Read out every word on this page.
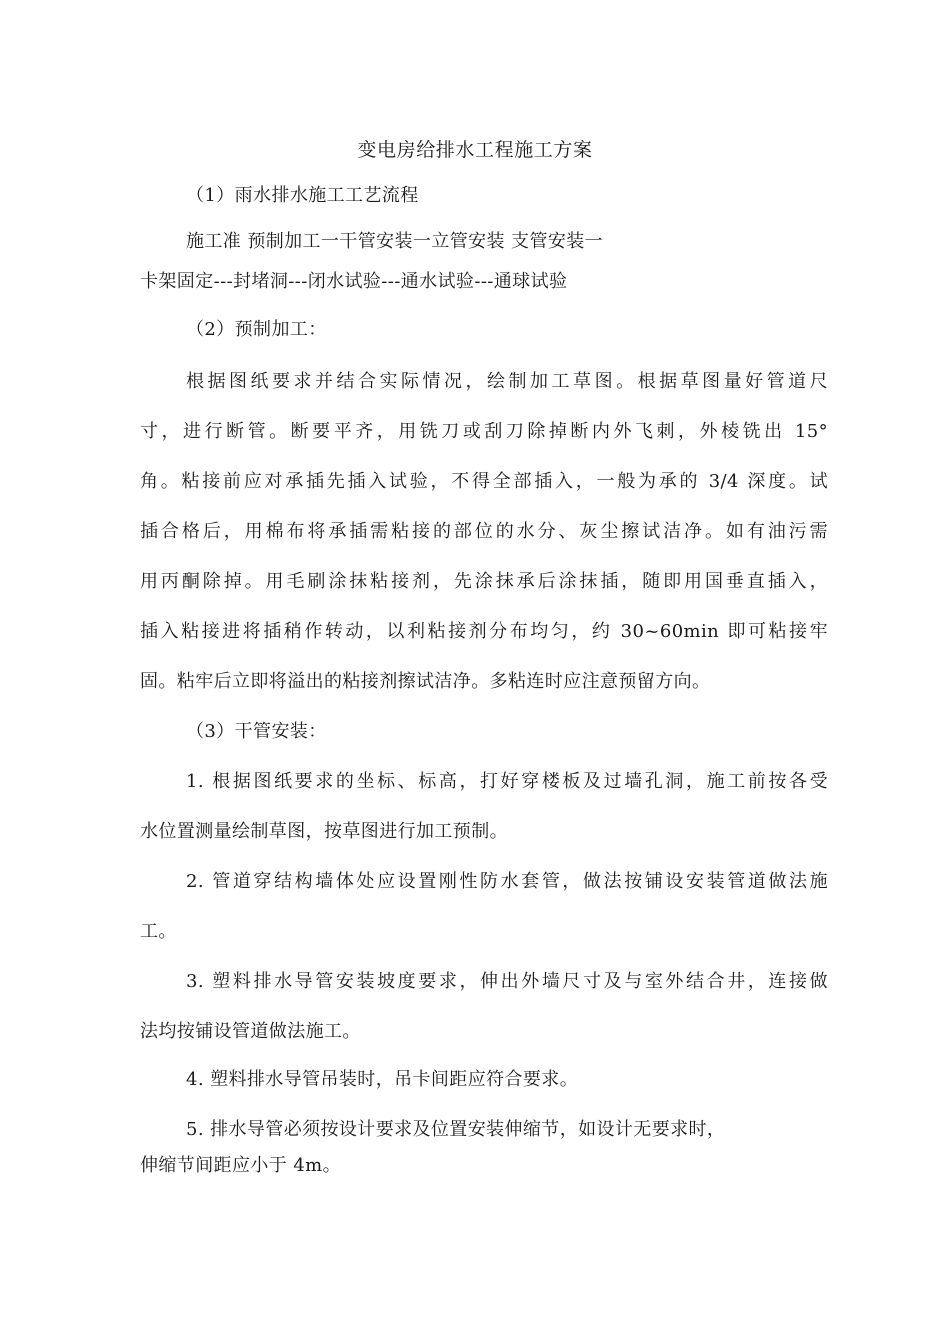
变电房给排水工程施工方案
（1）雨水排水施工工艺流程
施工准 预制加工一干管安装一立管安装 支管安装一
卡架固定---封堵洞---闭水试验---通水试验---通球试验
（2）预制加工：
根据图纸要求并结合实际情况，绘制加工草图。根据草图量好管道尺
寸，进行断管。断要平齐，用铣刀或刮刀除掉断内外飞刺，外棱铣出 15°
角。粘接前应对承插先插入试验，不得全部插入，一般为承的 3/4 深度。试
插合格后，用棉布将承插需粘接的部位的水分、灰尘擦试洁净。如有油污需
用丙酮除掉。用毛刷涂抹粘接剂，先涂抹承后涂抹插，随即用国垂直插入，
插入粘接进将插稍作转动，以利粘接剂分布均匀，约 30~60min 即可粘接牢
固。粘牢后立即将溢出的粘接剂擦试洁净。多粘连时应注意预留方向。
（3）干管安装：
1. 根据图纸要求的坐标、标高，打好穿楼板及过墙孔洞，施工前按各受
水位置测量绘制草图，按草图进行加工预制。
2. 管道穿结构墙体处应设置刚性防水套管，做法按铺设安装管道做法施
工。
3. 塑料排水导管安装坡度要求，伸出外墙尺寸及与室外结合井，连接做
法均按铺设管道做法施工。
4. 塑料排水导管吊装时，吊卡间距应符合要求。
5. 排水导管必须按设计要求及位置安装伸缩节，如设计无要求时，
伸缩节间距应小于 4m。
